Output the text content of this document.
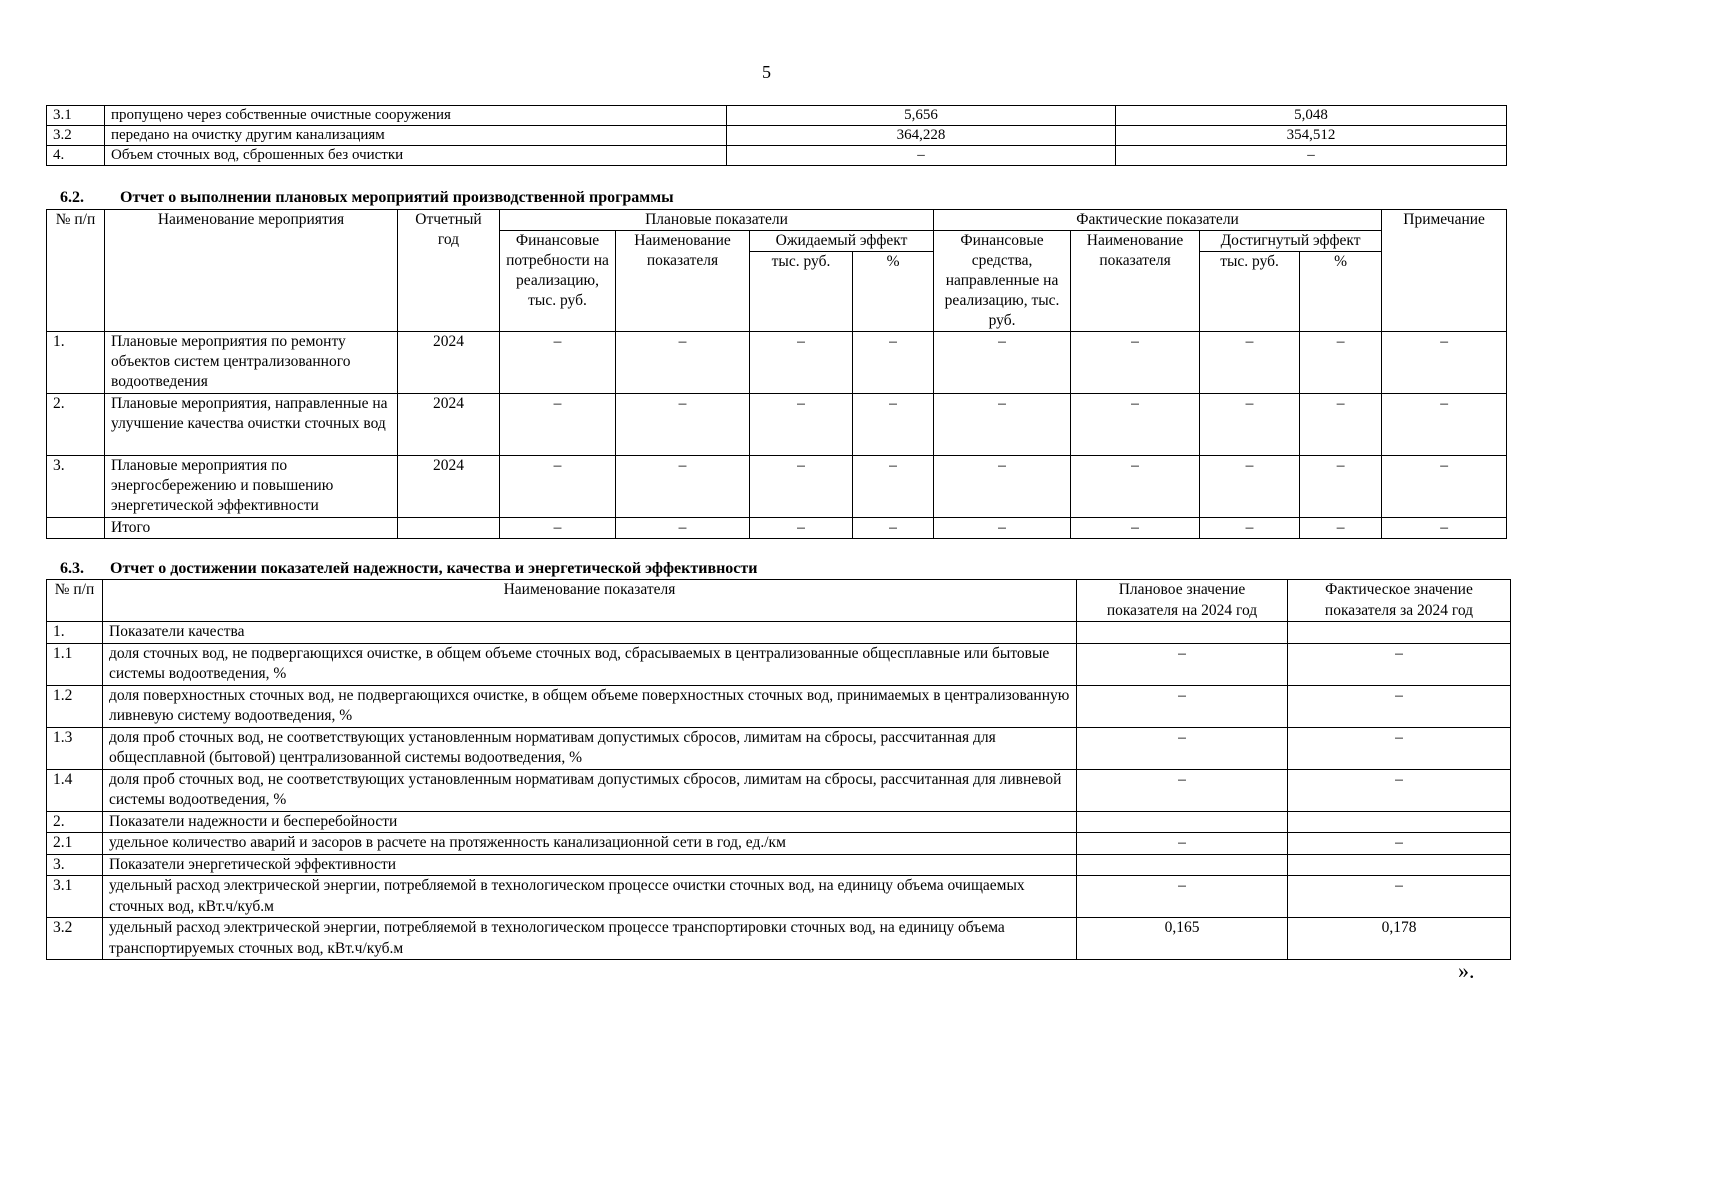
5
3.1	пропущено через собственные очистные сооружения	5,656	5,048
3.2	передано на очистку другим канализациям	364,228	354,512
4.	Объем сточных вод, сброшенных без очистки	–	–
6.2. Отчет о выполнении плановых мероприятий производственной программы
№ п/п	Наименование мероприятия	Отчетный год	Плановые показатели				Фактические показатели				Примечание
			Финансовые потребности на реализацию, тыс. руб.	Наименование показателя	Ожидаемый эффект		Финансовые средства, направленные на реализацию, тыс. руб.	Наименование показателя	Достигнутый эффект		
					тыс. руб.	%			тыс. руб.	%	
1.	Плановые мероприятия по ремонту объектов систем централизованного водоотведения	2024	–	–	–	–	–	–	–	–	–
2.	Плановые мероприятия, направленные на улучшение качества очистки сточных вод	2024	–	–	–	–	–	–	–	–	–
3.	Плановые мероприятия по энергосбережению и повышению энергетической эффективности	2024	–	–	–	–	–	–	–	–	–
	Итого		–	–	–	–	–	–	–	–	–
6.3. Отчет о достижении показателей надежности, качества и энергетической эффективности
№ п/п	Наименование показателя	Плановое значение показателя на 2024 год	Фактическое значение показателя за 2024 год
1.	Показатели качества		
1.1	доля сточных вод, не подвергающихся очистке, в общем объеме сточных вод, сбрасываемых в централизованные общесплавные или бытовые системы водоотведения, %	–	–
1.2	доля поверхностных сточных вод, не подвергающихся очистке, в общем объеме поверхностных сточных вод, принимаемых в централизованную ливневую систему водоотведения, %	–	–
1.3	доля проб сточных вод, не соответствующих установленным нормативам допустимых сбросов, лимитам на сбросы, рассчитанная для общесплавной (бытовой) централизованной системы водоотведения, %	–	–
1.4	доля проб сточных вод, не соответствующих установленным нормативам допустимых сбросов, лимитам на сбросы, рассчитанная для ливневой системы водоотведения, %	–	–
2.	Показатели надежности и бесперебойности		
2.1	удельное количество аварий и засоров в расчете на протяженность канализационной сети в год, ед./км	–	–
3.	Показатели энергетической эффективности		
3.1	удельный расход электрической энергии, потребляемой в технологическом процессе очистки сточных вод, на единицу объема очищаемых сточных вод, кВт.ч/куб.м	–	–
3.2	удельный расход электрической энергии, потребляемой в технологическом процессе транспортировки сточных вод, на единицу объема транспортируемых сточных вод, кВт.ч/куб.м	0,165	0,178
».
